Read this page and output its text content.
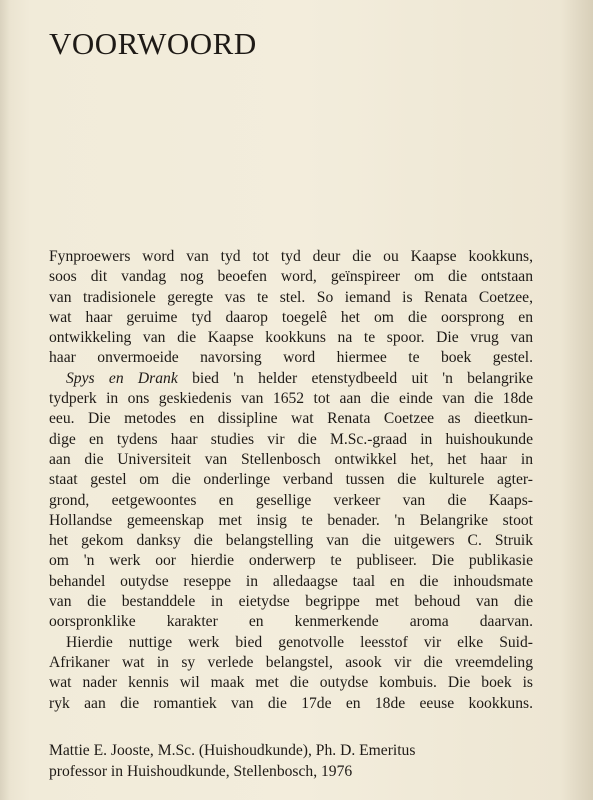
VOORWOORD

Fynproewers word van tyd tot tyd deur die ou Kaapse kookkuns,
soos dit vandag nog beoefen word, geïnspireer om die ontstaan
van tradisionele geregte vas te stel. So iemand is Renata Coetzee,
wat haar geruime tyd daarop toegelê het om die oorsprong en
ontwikkeling van die Kaapse kookkuns na te spoor. Die vrug van
haar onvermoeide navorsing word hiermee te boek gestel.

Spys en Drank bied 'n helder etenstydbeeld uit 'n belangrike
tydperk in ons geskiedenis van 1652 tot aan die einde van die 18de
eeu. Die metodes en dissipline wat Renata Coetzee as dieetkun-
dige en tydens haar studies vir die M.Sc.-graad in huishoukunde
aan die Universiteit van Stellenbosch ontwikkel het, het haar in
staat gestel om die onderlinge verband tussen die kulturele agter-
grond, eetgewoontes en gesellige verkeer van die Kaaps-
Hollandse gemeenskap met insig te benader. 'n Belangrike stoot
het gekom danksy die belangstelling van die uitgewers C. Struik
om 'n werk oor hierdie onderwerp te publiseer. Die publikasie
behandel outydse reseppe in alledaagse taal en die inhoudsmate
van die bestanddele in eietydse begrippe met behoud van die
oorspronklike karakter en kenmerkende aroma daarvan.

Hierdie nuttige werk bied genotvolle leesstof vir elke Suid-
Afrikaner wat in sy verlede belangstel, asook vir die vreemdeling
wat nader kennis wil maak met die outydse kombuis. Die boek is
ryk aan die romantiek van die 17de en 18de eeuse kookkuns.

Mattie E. Jooste, M.Sc. (Huishoudkunde), Ph. D. Emeritus
professor in Huishoudkunde, Stellenbosch, 1976
